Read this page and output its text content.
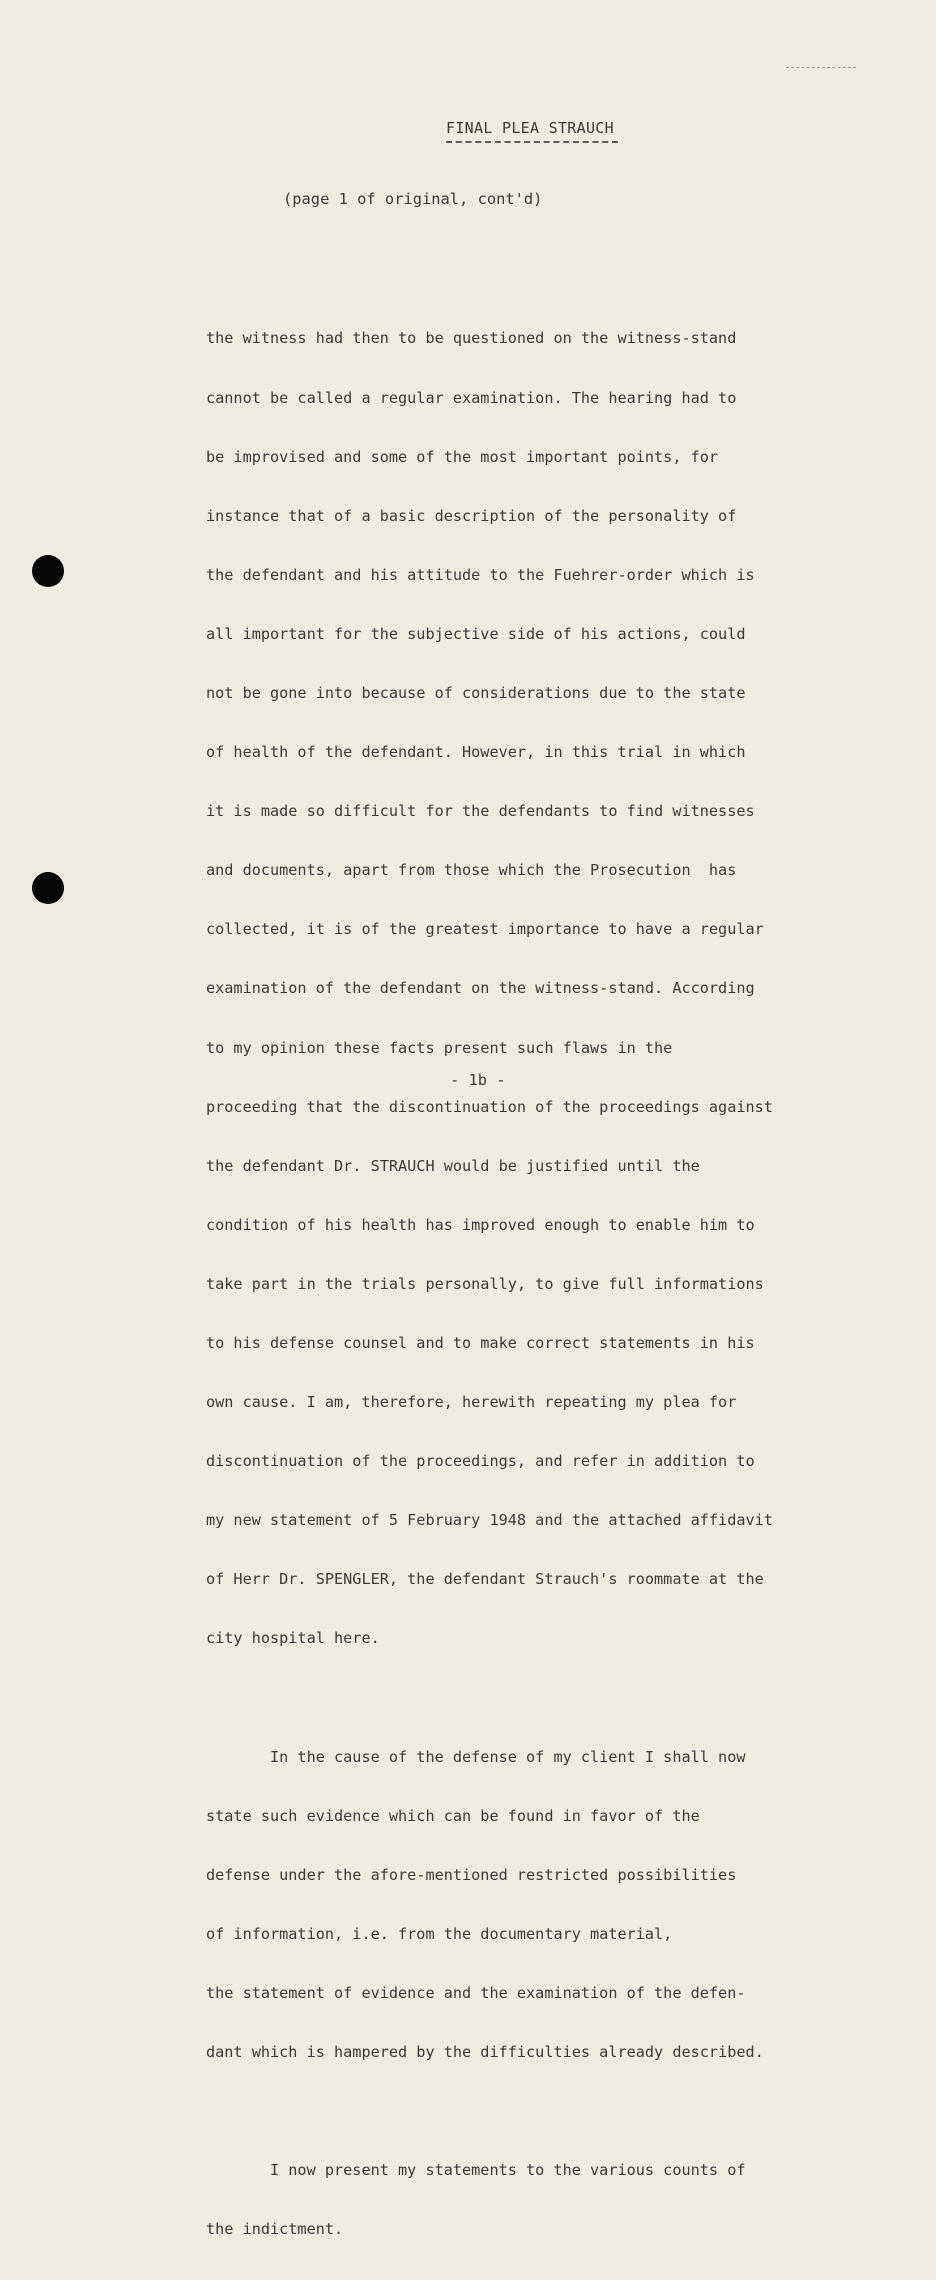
FINAL PLEA STRAUCH
(page 1 of original, cont'd)

the witness had then to be questioned on the witness-stand

cannot be called a regular examination. The hearing had to

be improvised and some of the most important points, for

instance that of a basic description of the personality of

the defendant and his attitude to the Fuehrer-order which is

all important for the subjective side of his actions, could

not be gone into because of considerations due to the state

of health of the defendant. However, in this trial in which

it is made so difficult for the defendants to find witnesses

and documents, apart from those which the Prosecution  has

collected, it is of the greatest importance to have a regular

examination of the defendant on the witness-stand. According

to my opinion these facts present such flaws in the

proceeding that the discontinuation of the proceedings against

the defendant Dr. STRAUCH would be justified until the

condition of his health has improved enough to enable him to

take part in the trials personally, to give full informations

to his defense counsel and to make correct statements in his

own cause. I am, therefore, herewith repeating my plea for

discontinuation of the proceedings, and refer in addition to

my new statement of 5 February 1948 and the attached affidavit

of Herr Dr. SPENGLER, the defendant Strauch's roommate at the

city hospital here.

In the cause of the defense of my client I shall now

state such evidence which can be found in favor of the

defense under the afore-mentioned restricted possibilities

of information, i.e. from the documentary material,

the statement of evidence and the examination of the defen-

dant which is hampered by the difficulties already described.

I now present my statements to the various counts of

the indictment.

- 1b -
